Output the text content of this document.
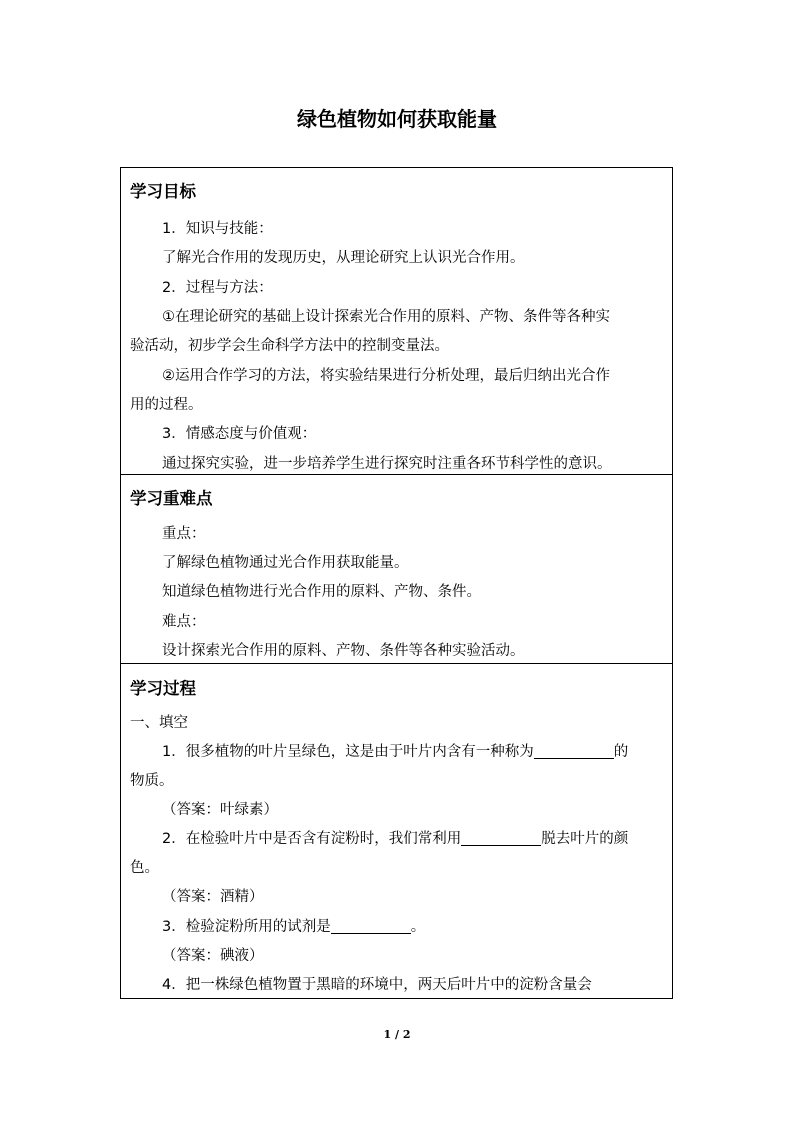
绿色植物如何获取能量
学习目标
1．知识与技能：
了解光合作用的发现历史，从理论研究上认识光合作用。
2．过程与方法：
①在理论研究的基础上设计探索光合作用的原料、产物、条件等各种实
验活动，初步学会生命科学方法中的控制变量法。
②运用合作学习的方法，将实验结果进行分析处理，最后归纳出光合作
用的过程。
3．情感态度与价值观：
通过探究实验，进一步培养学生进行探究时注重各环节科学性的意识。
学习重难点
重点：
了解绿色植物通过光合作用获取能量。
知道绿色植物进行光合作用的原料、产物、条件。
难点：
设计探索光合作用的原料、产物、条件等各种实验活动。
学习过程
一、填空
1．很多植物的叶片呈绿色，这是由于叶片内含有一种称为	的
物质。
（答案：叶绿素）
2．在检验叶片中是否含有淀粉时，我们常利用	脱去叶片的颜
色。
（答案：酒精）
3．检验淀粉所用的试剂是	。
（答案：碘液）
4．把一株绿色植物置于黑暗的环境中，两天后叶片中的淀粉含量会
1 / 2
